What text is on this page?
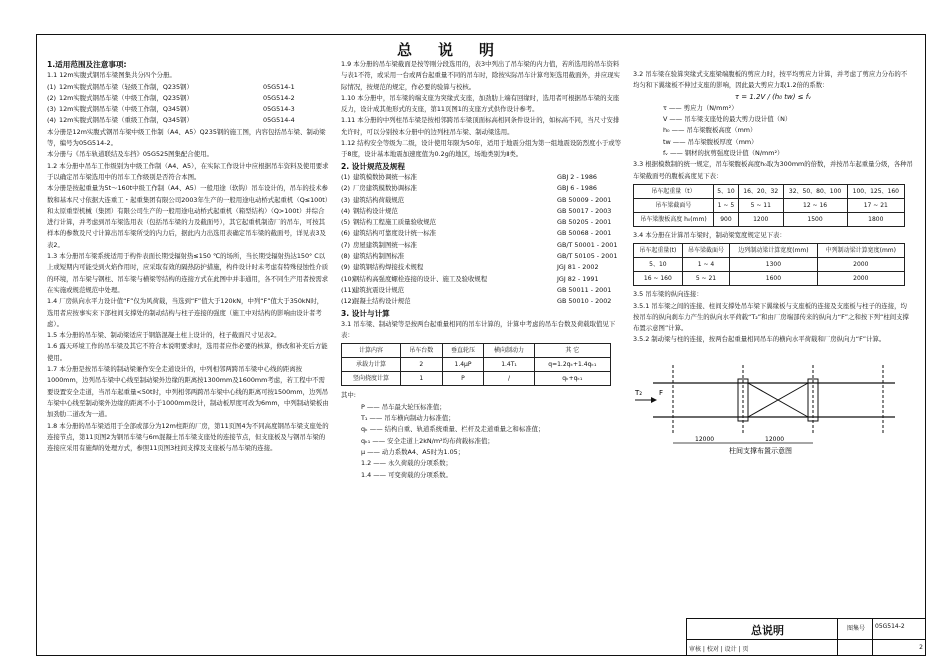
总说明

1.适用范围及注意事项:

1.1 12m实腹式钢吊车梁图集共分四个分册。

(1) 12m实腹式钢吊车梁（轻级工作制，Q235钢）	05G514-1
(2) 12m实腹式钢吊车梁（中级工作制，Q235钢）	05G514-2
(3) 12m实腹式钢吊车梁（中级工作制，Q345钢）	05G514-3
(4) 12m实腹式钢吊车梁（重级工作制，Q345钢）	05G514-4

本分册是12m实腹式钢吊车梁中级工作制（A4、A5）Q235钢的施工图，内容包括吊车梁、制动梁等，编号为05G514-2。

本分册与《吊车轨道联结及车挡》05G525图集配合使用。

1.2 本分册中吊车工作级别为中级工作制（A4、A5），在实际工作设计中应根据吊车资料及使用要求于以确定吊车梁选用中的吊车工作级别是否符合本图。

本分册是按起重量为5t～160t中级工作制（A4、A5）一般用途（软钩）吊车设计的，吊车的技术参数和基本尺寸依据大连重工・起重集团有限公司2003年生产的一般用途电动桥式起重机（Q≤100t）和太原重型机械（集团）有限公司生产的一般用途电动桥式起重机（箱型结构）（Q>100t）并综合进行计算，并考虑到吊车梁选用表（包括吊车梁的力及截面号），其它起重机制造厂的吊车，可按其样本的参数及尺寸计算出吊车梁所受的内力后，据此内力出选用表确定吊车梁的截面号，详见表3及表2。

1.3 本分册吊车梁系统适用于构件表面长期受辐射热≤150 ℃的场所，当长期受辐射热达150° C以上或短期内可能受到火焰作用时，应采取有效的隔热防护措施，构件设计时未考虑有特殊侵蚀性介质的环境，吊车梁与钢柱、吊车梁与横梁等结构的连接方式在此图中并非通用，各不同生产用者按需求在实施或规范规范中处理。

1.4 厂房纵向水平力设计值“F”仅为风荷载，当选到“F”值大于120kN，中列“F”值大于350kN时，选用者应按事实来下部柱间支撑处的制动结构与柱子连接的强度（施工中对结构的影响由设计者考虑）。

1.5 本分册的吊车梁、制动梁适应于钢筋混凝土柱上设计的，柱子截面尺寸见表2。

1.6 露天环境工作的吊车梁及其它不符合本说明要求时，选用者应作必要的核算，修改和补充后方能使用。

1.7 本分册是按吊车梁的制动梁兼作安全走道设计的，中列相邻两跨吊车梁中心线的距离按1000mm，边列吊车梁中心线至制动梁外边缘的距离按1300mm及1600mm考虑，若工程中不需要设置安全走道，当吊车起重量<50t时，中列相邻两跨吊车梁中心线的距离可按1500mm，边列吊车梁中心线至制动梁外边缘的距离不小于1000mm设计，制动板厚度可改为6mm，中列制动梁板由加劲肋二道改为一道。

1.8 本分册的吊车梁适用于全部或部分为12m柱距的厂房，第11页图4为不同高度钢吊车梁支座处的连接节点，第11页图2为钢吊车梁与6m混凝土吊车梁支座处的连接节点，但支座板及与钢吊车梁的连接应采用有施焊的处理方式，参照11页图3柱间支撑及支座板与吊车梁的连接。

1.9 本分册的吊车梁截面是按等刚分段选用的，表3中列出了吊车梁的内力值，若所选用的吊车资料与表1不符，或采用一台或两台起重量不同的吊车时，除按实际吊车计算弯矩选用截面外，并应现实际情况，按规范的规定，作必要的验算与校核。

1.10 本分册中，吊车梁的端支座为突缘式支座，加劲肋上端有回缘时，选用者可根据吊车梁的支座反力，设计成其他形式的支座，第11页图1的支座方式供作设计参考。

1.11 本分册的中列柱吊车梁是按相邻跨吊车梁顶面标高相同条件设计的，如标高不同，当尺寸安排允许时，可以分别按本分册中的边列柱吊车梁、制动梁选用。

1.12 结构安全等级为二级，设计使用年限为50年，适用于地震分组为第一组地震设防烈度小于或等于8度，设计基本地震加速度值为0.2g的地区，场地类别为Ⅱ类。

2. 设计规范及规程

(1) 建筑模数协调统一标准	GBJ 2 - 1986
(2) 厂房建筑模数协调标准	GBJ 6 - 1986
(3) 建筑结构荷载规范	GB 50009 - 2001
(4) 钢结构设计规范	GB 50017 - 2003
(5) 钢结构工程施工质量验收规范	GB 50205 - 2001
(6) 建筑结构可靠度设计统一标准	GB 50068 - 2001
(7) 房屋建筑制图统一标准	GB/T 50001 - 2001
(8) 建筑结构制图标准	GB/T 50105 - 2001
(9) 建筑钢结构焊接技术规程	JGJ 81 - 2002
(10)
钢结构高强度螺栓连接的设计、施工及验收规程	JGJ 82 - 1991
(11)
建筑抗震设计规范	GB 50011 - 2001
(12)
混凝土结构设计规范	GB 50010 - 2002

3. 设计与计算

3.1 吊车梁、制动梁等是按两台起重量相同的吊车计算的，计算中考虑的吊车台数及荷载取值见下表：

计算内容	吊车台数	垂直轮压	横向制动力	其 它
承载力计算	2	1.4μP	1.4T₁	q=1.2qₖ+1.4qₖ₁
竖向挠度计算	1	P	/	qₖ+qₖ₁

其中:

P —— 吊车最大轮压标准值；

T₁ —— 吊车横向制动力标准值；

qₖ —— 结构自重、轨道系统重量、栏杆及走道重量之和标准值；

qₖ₁ —— 安全走道上2kN/m²均布荷载标准值；

μ —— 动力系数A4、A5时为1.05；

1.2 —— 永久荷载的分项系数；

1.4 —— 可变荷载的分项系数。

3.2 吊车梁在验算突缘式支座梁端腹板的剪应力时，按平均剪应力计算，并考虑了剪应力分布的不均匀和下翼缘板不伸过支座的影响，因此最大剪应力取1.2倍的系数：

τ = 1.2V / (h₀ tw) ≤ fᵥ

τ —— 剪应力（N/mm²）

V —— 吊车梁支座处的最大剪力设计值（N）

h₀ —— 吊车梁腹板高度（mm）

tw —— 吊车梁腹板厚度（mm）

fᵥ —— 钢材的抗剪强度设计值（N/mm²）

3.3 根据模数制的统一规定，吊车梁腹板高度h₀取为300mm的倍数，并按吊车起重量分级，各种吊车梁截面号的腹板高度见下表：

吊车起重量（t）	5、10	16、20、32	32、50、80、100	100、125、160
吊车梁截面号	1 ~ 5	5 ~ 11	12 ~ 16	17 ~ 21
吊车梁腹板高度 h₀(mm)	900	1200	1500	1800

3.4 本分册在计算吊车梁时，制动梁宽度规定见下表：

吊车起重量(t)	吊车梁截面号	边列制动梁计算宽度(mm)	中列制动梁计算宽度(mm)
5、10	1 ~ 4	1300	2000
16 ~ 160	5 ~ 21	1600	2000

3.5 吊车梁的纵向连接：

3.5.1 吊车梁之间的连接、柱间支撑处吊车梁下翼缘板与支座板的连接及支座板与柱子的连接，均按吊车的纵向刹车力产生的纵向水平荷载“T₂”和由厂房端部传来的纵向力“F”之和按下列“柱间支撑布置示意图”计算。

3.5.2 制动梁与柱的连接，按两台起重量相同吊车的横向水平荷载和厂房纵向力“F”计算。

T₂ F
12000	12000
柱间支撑布置示意图
总说明	图集号 05G514-2
审核 | 校对 | 设计 | 页	2
